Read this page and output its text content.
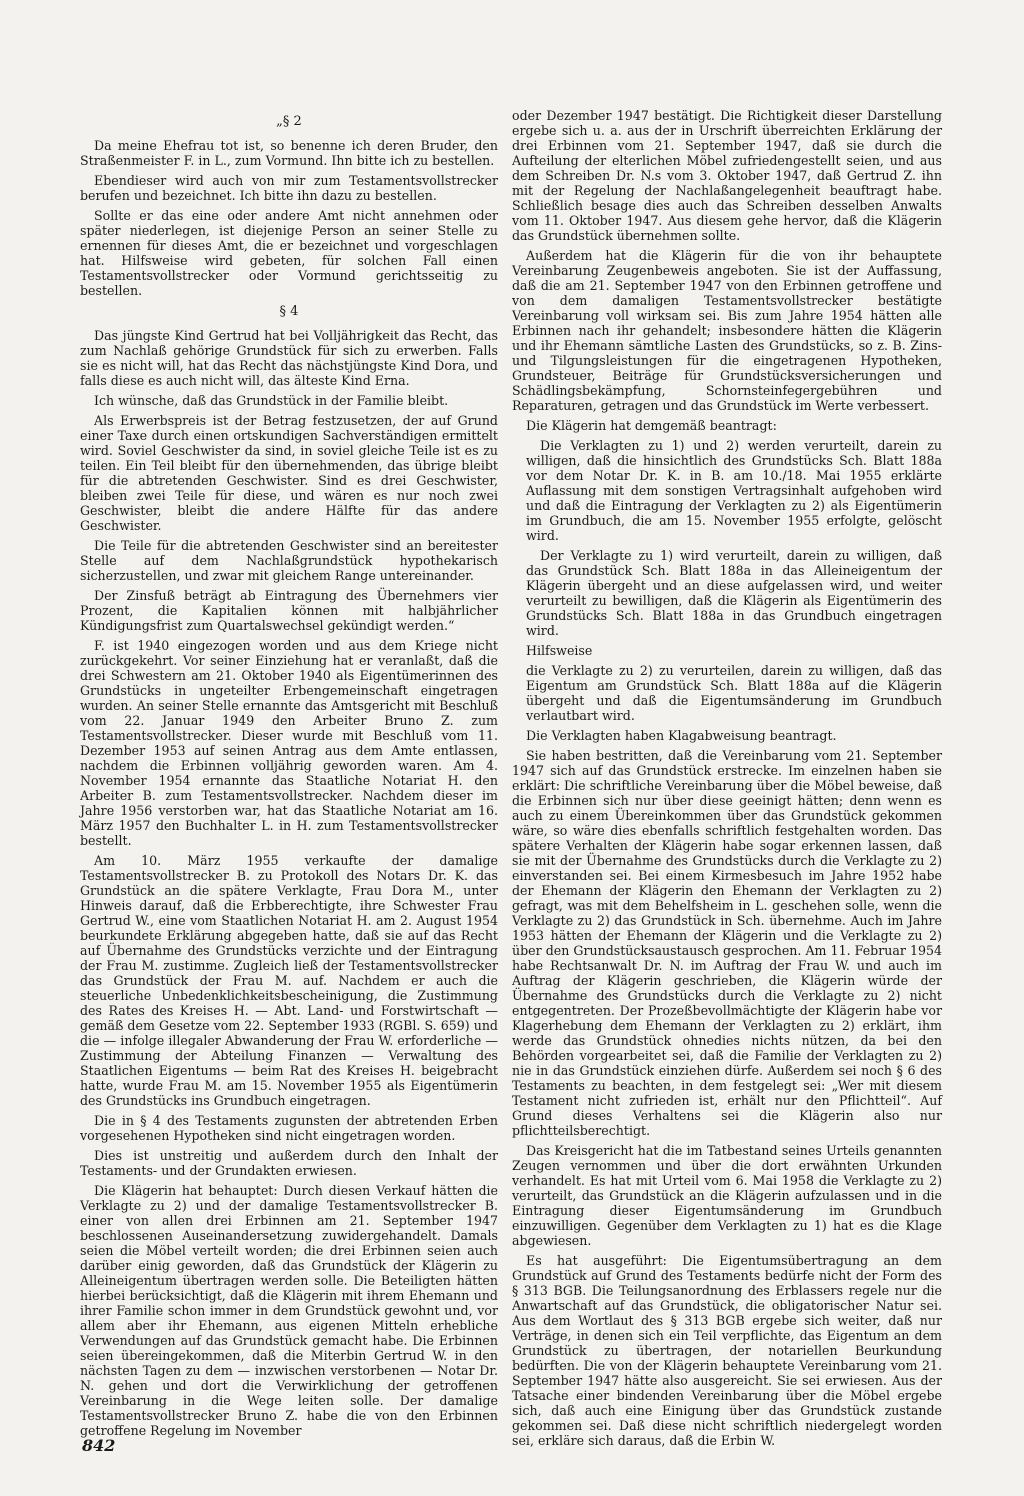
„§ 2

Da meine Ehefrau tot ist, so benenne ich deren Bruder, den Straßenmeister F. in L., zum Vormund. Ihn bitte ich zu bestellen.

Ebendieser wird auch von mir zum Testamentsvollstrecker berufen und bezeichnet. Ich bitte ihn dazu zu bestellen.

Sollte er das eine oder andere Amt nicht annehmen oder später niederlegen, ist diejenige Person an seiner Stelle zu ernennen für dieses Amt, die er bezeichnet und vorgeschlagen hat. Hilfsweise wird gebeten, für solchen Fall einen Testamentsvollstrecker oder Vormund gerichtsseitig zu bestellen.

§ 4

Das jüngste Kind Gertrud hat bei Volljährigkeit das Recht, das zum Nachlaß gehörige Grundstück für sich zu erwerben. Falls sie es nicht will, hat das Recht das nächstjüngste Kind Dora, und falls diese es auch nicht will, das älteste Kind Erna.

Ich wünsche, daß das Grundstück in der Familie bleibt.

Als Erwerbspreis ist der Betrag festzusetzen, der auf Grund einer Taxe durch einen ortskundigen Sachverständigen ermittelt wird. Soviel Geschwister da sind, in soviel gleiche Teile ist es zu teilen. Ein Teil bleibt für den übernehmenden, das übrige bleibt für die abtretenden Geschwister. Sind es drei Geschwister, bleiben zwei Teile für diese, und wären es nur noch zwei Geschwister, bleibt die andere Hälfte für das andere Geschwister.

Die Teile für die abtretenden Geschwister sind an bereitester Stelle auf dem Nachlaßgrundstück hypothekarisch sicherzustellen, und zwar mit gleichem Range untereinander.

Der Zinsfuß beträgt ab Eintragung des Übernehmers vier Prozent, die Kapitalien können mit halbjährlicher Kündigungsfrist zum Quartalswechsel gekündigt werden.“

F. ist 1940 eingezogen worden und aus dem Kriege nicht zurückgekehrt. Vor seiner Einziehung hat er veranlaßt, daß die drei Schwestern am 21. Oktober 1940 als Eigentümerinnen des Grundstücks in ungeteilter Erbengemeinschaft eingetragen wurden. An seiner Stelle ernannte das Amtsgericht mit Beschluß vom 22. Januar 1949 den Arbeiter Bruno Z. zum Testamentsvollstrecker. Dieser wurde mit Beschluß vom 11. Dezember 1953 auf seinen Antrag aus dem Amte entlassen, nachdem die Erbinnen volljährig geworden waren. Am 4. November 1954 ernannte das Staatliche Notariat H. den Arbeiter B. zum Testamentsvollstrecker. Nachdem dieser im Jahre 1956 verstorben war, hat das Staatliche Notariat am 16. März 1957 den Buchhalter L. in H. zum Testamentsvollstrecker bestellt.

Am 10. März 1955 verkaufte der damalige Testamentsvollstrecker B. zu Protokoll des Notars Dr. K. das Grundstück an die spätere Verklagte, Frau Dora M., unter Hinweis darauf, daß die Erbberechtigte, ihre Schwester Frau Gertrud W., eine vom Staatlichen Notariat H. am 2. August 1954 beurkundete Erklärung abgegeben hatte, daß sie auf das Recht auf Übernahme des Grundstücks verzichte und der Eintragung der Frau M. zustimme. Zugleich ließ der Testamentsvollstrecker das Grundstück der Frau M. auf. Nachdem er auch die steuerliche Unbedenklichkeitsbescheinigung, die Zustimmung des Rates des Kreises H. — Abt. Land- und Forstwirtschaft — gemäß dem Gesetze vom 22. September 1933 (RGBl. S. 659) und die — infolge illegaler Abwanderung der Frau W. erforderliche — Zustimmung der Abteilung Finanzen — Verwaltung des Staatlichen Eigentums — beim Rat des Kreises H. beigebracht hatte, wurde Frau M. am 15. November 1955 als Eigentümerin des Grundstücks ins Grundbuch eingetragen.

Die in § 4 des Testaments zugunsten der abtretenden Erben vorgesehenen Hypotheken sind nicht eingetragen worden.

Dies ist unstreitig und außerdem durch den Inhalt der Testaments- und der Grundakten erwiesen.

Die Klägerin hat behauptet: Durch diesen Verkauf hätten die Verklagte zu 2) und der damalige Testamentsvollstrecker B. einer von allen drei Erbinnen am 21. September 1947 beschlossenen Auseinandersetzung zuwidergehandelt. Damals seien die Möbel verteilt worden; die drei Erbinnen seien auch darüber einig geworden, daß das Grundstück der Klägerin zu Alleineigentum übertragen werden solle. Die Beteiligten hätten hierbei berücksichtigt, daß die Klägerin mit ihrem Ehemann und ihrer Familie schon immer in dem Grundstück gewohnt und, vor allem aber ihr Ehemann, aus eigenen Mitteln erhebliche Verwendungen auf das Grundstück gemacht habe. Die Erbinnen seien übereingekommen, daß die Miterbin Gertrud W. in den nächsten Tagen zu dem — inzwischen verstorbenen — Notar Dr. N. gehen und dort die Verwirklichung der getroffenen Vereinbarung in die Wege leiten solle. Der damalige Testamentsvollstrecker Bruno Z. habe die von den Erbinnen getroffene Regelung im November

oder Dezember 1947 bestätigt. Die Richtigkeit dieser Darstellung ergebe sich u. a. aus der in Urschrift überreichten Erklärung der drei Erbinnen vom 21. September 1947, daß sie durch die Aufteilung der elterlichen Möbel zufriedengestellt seien, und aus dem Schreiben Dr. N.s vom 3. Oktober 1947, daß Gertrud Z. ihn mit der Regelung der Nachlaßangelegenheit beauftragt habe. Schließlich besage dies auch das Schreiben desselben Anwalts vom 11. Oktober 1947. Aus diesem gehe hervor, daß die Klägerin das Grundstück übernehmen sollte.

Außerdem hat die Klägerin für die von ihr behauptete Vereinbarung Zeugenbeweis angeboten. Sie ist der Auffassung, daß die am 21. September 1947 von den Erbinnen getroffene und von dem damaligen Testamentsvollstrecker bestätigte Vereinbarung voll wirksam sei. Bis zum Jahre 1954 hätten alle Erbinnen nach ihr gehandelt; insbesondere hätten die Klägerin und ihr Ehemann sämtliche Lasten des Grundstücks, so z. B. Zins- und Tilgungsleistungen für die eingetragenen Hypotheken, Grundsteuer, Beiträge für Grundstücksversicherungen und Schädlingsbekämpfung, Schornsteinfegergebühren und Reparaturen, getragen und das Grundstück im Werte verbessert.

Die Klägerin hat demgemäß beantragt:

Die Verklagten zu 1) und 2) werden verurteilt, darein zu willigen, daß die hinsichtlich des Grundstücks Sch. Blatt 188a vor dem Notar Dr. K. in B. am 10./18. Mai 1955 erklärte Auflassung mit dem sonstigen Vertragsinhalt aufgehoben wird und daß die Eintragung der Verklagten zu 2) als Eigentümerin im Grundbuch, die am 15. November 1955 erfolgte, gelöscht wird.

Der Verklagte zu 1) wird verurteilt, darein zu willigen, daß das Grundstück Sch. Blatt 188a in das Alleineigentum der Klägerin übergeht und an diese aufgelassen wird, und weiter verurteilt zu bewilligen, daß die Klägerin als Eigentümerin des Grundstücks Sch. Blatt 188a in das Grundbuch eingetragen wird.

Hilfsweise

die Verklagte zu 2) zu verurteilen, darein zu willigen, daß das Eigentum am Grundstück Sch. Blatt 188a auf die Klägerin übergeht und daß die Eigentumsänderung im Grundbuch verlautbart wird.

Die Verklagten haben Klagabweisung beantragt.

Sie haben bestritten, daß die Vereinbarung vom 21. September 1947 sich auf das Grundstück erstrecke. Im einzelnen haben sie erklärt: Die schriftliche Vereinbarung über die Möbel beweise, daß die Erbinnen sich nur über diese geeinigt hätten; denn wenn es auch zu einem Übereinkommen über das Grundstück gekommen wäre, so wäre dies ebenfalls schriftlich festgehalten worden. Das spätere Verhalten der Klägerin habe sogar erkennen lassen, daß sie mit der Übernahme des Grundstücks durch die Verklagte zu 2) einverstanden sei. Bei einem Kirmesbesuch im Jahre 1952 habe der Ehemann der Klägerin den Ehemann der Verklagten zu 2) gefragt, was mit dem Behelfsheim in L. geschehen solle, wenn die Verklagte zu 2) das Grundstück in Sch. übernehme. Auch im Jahre 1953 hätten der Ehemann der Klägerin und die Verklagte zu 2) über den Grundstücksaustausch gesprochen. Am 11. Februar 1954 habe Rechtsanwalt Dr. N. im Auftrag der Frau W. und auch im Auftrag der Klägerin geschrieben, die Klägerin würde der Übernahme des Grundstücks durch die Verklagte zu 2) nicht entgegentreten. Der Prozeßbevollmächtigte der Klägerin habe vor Klagerhebung dem Ehemann der Verklagten zu 2) erklärt, ihm werde das Grundstück ohnedies nichts nützen, da bei den Behörden vorgearbeitet sei, daß die Familie der Verklagten zu 2) nie in das Grundstück einziehen dürfe. Außerdem sei noch § 6 des Testaments zu beachten, in dem festgelegt sei: „Wer mit diesem Testament nicht zufrieden ist, erhält nur den Pflichtteil“. Auf Grund dieses Verhaltens sei die Klägerin also nur pflichtteilsberechtigt.

Das Kreisgericht hat die im Tatbestand seines Urteils genannten Zeugen vernommen und über die dort erwähnten Urkunden verhandelt. Es hat mit Urteil vom 6. Mai 1958 die Verklagte zu 2) verurteilt, das Grundstück an die Klägerin aufzulassen und in die Eintragung dieser Eigentumsänderung im Grundbuch einzuwilligen. Gegenüber dem Verklagten zu 1) hat es die Klage abgewiesen.

Es hat ausgeführt: Die Eigentumsübertragung an dem Grundstück auf Grund des Testaments bedürfe nicht der Form des § 313 BGB. Die Teilungsanordnung des Erblassers regele nur die Anwartschaft auf das Grundstück, die obligatorischer Natur sei. Aus dem Wortlaut des § 313 BGB ergebe sich weiter, daß nur Verträge, in denen sich ein Teil verpflichte, das Eigentum an dem Grundstück zu übertragen, der notariellen Beurkundung bedürften. Die von der Klägerin behauptete Vereinbarung vom 21. September 1947 hätte also ausgereicht. Sie sei erwiesen. Aus der Tatsache einer bindenden Vereinbarung über die Möbel ergebe sich, daß auch eine Einigung über das Grundstück zustande gekommen sei. Daß diese nicht schriftlich niedergelegt worden sei, erkläre sich daraus, daß die Erbin W.

842
